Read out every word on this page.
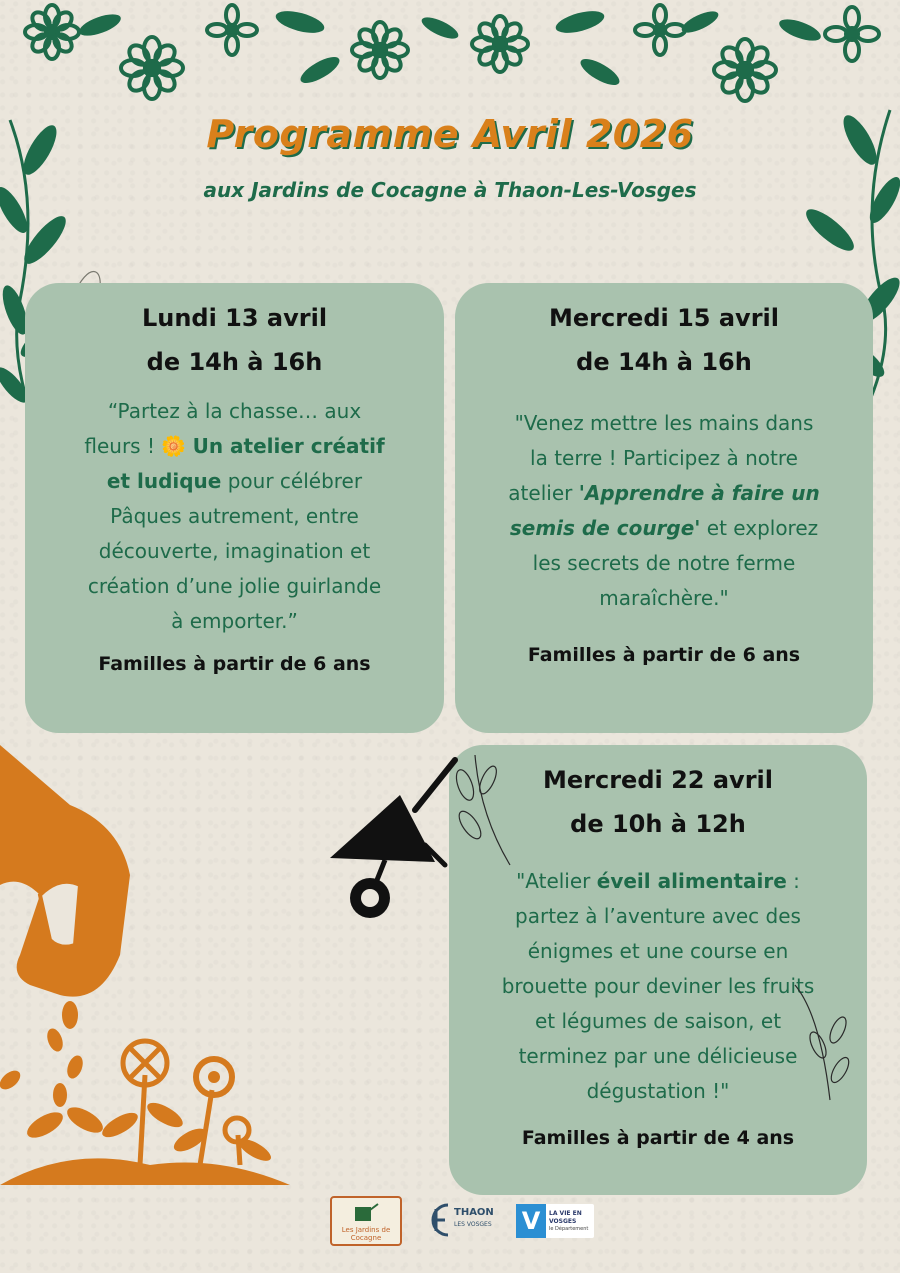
Programme Avril 2026
aux Jardins de Cocagne à Thaon-Les-Vosges
Lundi 13 avril
de 14h à 16h
“Partez à la chasse… aux fleurs ! 🌼 Un atelier créatif et ludique pour célébrer Pâques autrement, entre découverte, imagination et création d’une jolie guirlande à emporter.”
Familles à partir de 6 ans
Mercredi 15 avril
de 14h à 16h
"Venez mettre les mains dans la terre ! Participez à notre atelier 'Apprendre à faire un semis de courge' et explorez les secrets de notre ferme maraîchère."
Familles à partir de 6 ans
Mercredi 22 avril
de 10h à 12h
"Atelier éveil alimentaire : partez à l’aventure avec des énigmes et une course en brouette pour deviner les fruits et légumes de saison, et terminez par une délicieuse dégustation !"
Familles à partir de 4 ans
Les Jardins de Cocagne
THAON
LES VOSGES V	LA VIE EN VOSGES
le Département
